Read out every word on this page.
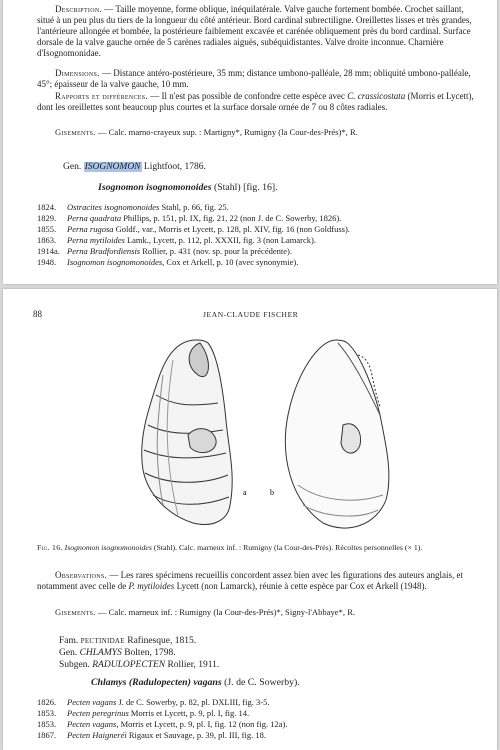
Description. — Taille moyenne, forme oblique, inéquilatérale. Valve gauche fortement bombée. Crochet saillant, situé à un peu plus du tiers de la longueur du côté antérieur. Bord cardinal subrectiligne. Oreillettes lisses et très grandes, l'antérieure allongée et bombée, la postérieure faiblement excavée et carénée obliquement près du bord cardinal. Surface dorsale de la valve gauche ornée de 5 carènes radiales aiguës, subéquidistantes. Valve droite inconnue. Charnière d'Isognomonidae.
Dimensions. — Distance antéro-postérieure, 35 mm; distance umbono-palléale, 28 mm; obliquité umbono-palléale, 45°; épaisseur de la valve gauche, 10 mm.
Rapports et différences. — Il n'est pas possible de confondre cette espèce avec C. crassicostata (Morris et Lycett), dont les oreillettes sont beaucoup plus courtes et la surface dorsale ornée de 7 ou 8 côtes radiales.
Gisements. — Calc. marno-crayeux sup. : Martigny*, Rumigny (la Cour-des-Prés)*, R.
Gen. ISOGNOMON Lightfoot, 1786.
Isognomon isognomonoides (Stahl) [fig. 16].
1824. Ostracites isognomonoides Stahl, p. 66, fig. 25.
1829. Perna quadrata Phillips, p. 151, pl. IX, fig. 21, 22 (non J. de C. Sowerby, 1826).
1855. Perna rugosa Goldf., var., Morris et Lycett, p. 128, pl. XIV, fig. 16 (non Goldfuss).
1863. Perna mytiloides Lamk., Lycett, p. 112, pl. XXXII, fig. 3 (non Lamarck).
1914a. Perna Bradfordiensis Rollier, p. 431 (nov. sp. pour la précédente).
1948. Isognomon isognomonoides, Cox et Arkell, p. 10 (avec synonymie).
88	JEAN-CLAUDE FISCHER
a	b
Fig. 16. Isognomon isognomonoides (Stahl). Calc. marneux inf. : Rumigny (la Cour-des-Prés). Récoltes personnelles (× 1).
Observations. — Les rares spécimens recueillis concordent assez bien avec les figurations des auteurs anglais, et notamment avec celle de P. mytiloides Lycett (non Lamarck), réunie à cette espèce par Cox et Arkell (1948).
Gisements. — Calc. marneux inf. : Rumigny (la Cour-des-Prés)*, Signy-l'Abbaye*, R.
Fam. pectinidae Rafinesque, 1815.
Gen. CHLAMYS Bolten, 1798.
Subgen. RADULOPECTEN Rollier, 1911.
Chlamys (Radulopecten) vagans (J. de C. Sowerby).
1826. Pecten vagans J. de C. Sowerby, p. 82, pl. DXLIII, fig. 3-5.
1853. Pecten peregrinus Morris et Lycett, p. 9, pl. I, fig. 14.
1853. Pecten vagans, Morris et Lycett, p. 9, pl. I, fig. 12 (non fig. 12a).
1867. Pecten Haigneréi Rigaux et Sauvage, p. 39, pl. III, fig. 18.
